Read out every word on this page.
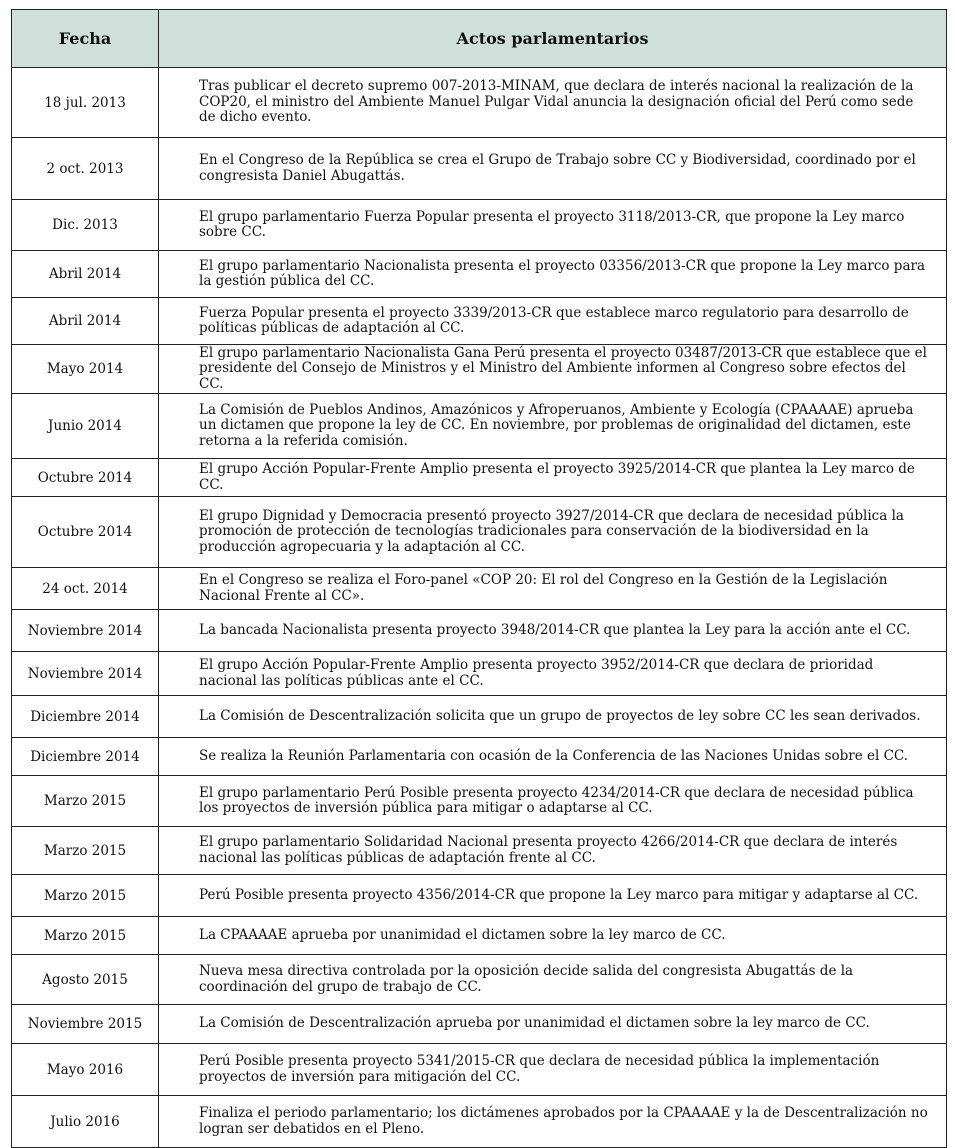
Fecha	Actos parlamentarios
18 jul. 2013	Tras publicar el decreto supremo 007-2013-MINAM, que declara de interés nacional la realización de la COP20, el ministro del Ambiente Manuel Pulgar Vidal anuncia la designación oficial del Perú como sede de dicho evento.
2 oct. 2013	En el Congreso de la República se crea el Grupo de Trabajo sobre CC y Biodiversidad, coordinado por el congresista Daniel Abugattás.
Dic. 2013	El grupo parlamentario Fuerza Popular presenta el proyecto 3118/2013-CR, que propone la Ley marco sobre CC.
Abril 2014	El grupo parlamentario Nacionalista presenta el proyecto 03356/2013-CR que propone la Ley marco para la gestión pública del CC.
Abril 2014	Fuerza Popular presenta el proyecto 3339/2013-CR que establece marco regulatorio para desarrollo de políticas públicas de adaptación al CC.
Mayo 2014	El grupo parlamentario Nacionalista Gana Perú presenta el proyecto 03487/2013-CR que establece que el presidente del Consejo de Ministros y el Ministro del Ambiente informen al Congreso sobre efectos del CC.
Junio 2014	La Comisión de Pueblos Andinos, Amazónicos y Afroperuanos, Ambiente y Ecología (CPAAAAE) aprueba un dictamen que propone la ley de CC. En noviembre, por problemas de originalidad del dictamen, este retorna a la referida comisión.
Octubre 2014	El grupo Acción Popular-Frente Amplio presenta el proyecto 3925/2014-CR que plantea la Ley marco de CC.
Octubre 2014	El grupo Dignidad y Democracia presentó proyecto 3927/2014-CR que declara de necesidad pública la promoción de protección de tecnologías tradicionales para conservación de la biodiversidad en la producción agropecuaria y la adaptación al CC.
24 oct. 2014	En el Congreso se realiza el Foro-panel «COP 20: El rol del Congreso en la Gestión de la Legislación Nacional Frente al CC».
Noviembre 2014	La bancada Nacionalista presenta proyecto 3948/2014-CR que plantea la Ley para la acción ante el CC.
Noviembre 2014	El grupo Acción Popular-Frente Amplio presenta proyecto 3952/2014-CR que declara de prioridad nacional las políticas públicas ante el CC.
Diciembre 2014	La Comisión de Descentralización solicita que un grupo de proyectos de ley sobre CC les sean derivados.
Diciembre 2014	Se realiza la Reunión Parlamentaria con ocasión de la Conferencia de las Naciones Unidas sobre el CC.
Marzo 2015	El grupo parlamentario Perú Posible presenta proyecto 4234/2014-CR que declara de necesidad pública los proyectos de inversión pública para mitigar o adaptarse al CC.
Marzo 2015	El grupo parlamentario Solidaridad Nacional presenta proyecto 4266/2014-CR que declara de interés nacional las políticas públicas de adaptación frente al CC.
Marzo 2015	Perú Posible presenta proyecto 4356/2014-CR que propone la Ley marco para mitigar y adaptarse al CC.
Marzo 2015	La CPAAAAE aprueba por unanimidad el dictamen sobre la ley marco de CC.
Agosto 2015	Nueva mesa directiva controlada por la oposición decide salida del congresista Abugattás de la coordinación del grupo de trabajo de CC.
Noviembre 2015	La Comisión de Descentralización aprueba por unanimidad el dictamen sobre la ley marco de CC.
Mayo 2016	Perú Posible presenta proyecto 5341/2015-CR que declara de necesidad pública la implementación proyectos de inversión para mitigación del CC.
Julio 2016	Finaliza el periodo parlamentario; los dictámenes aprobados por la CPAAAAE y la de Descentralización no logran ser debatidos en el Pleno.
